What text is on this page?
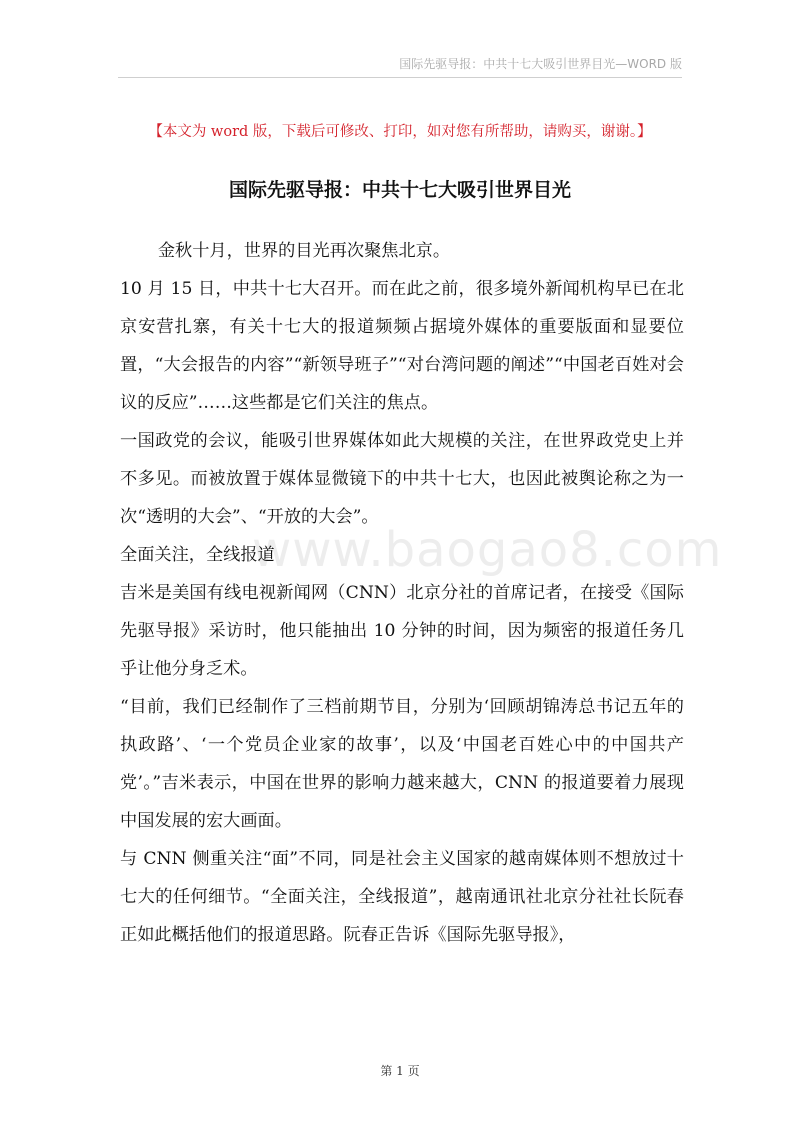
国际先驱导报：中共十七大吸引世界目光—WORD 版
【本文为 word 版，下载后可修改、打印，如对您有所帮助，请购买，谢谢。】
国际先驱导报：中共十七大吸引世界目光
www.baogao8.com

金秋十月，世界的目光再次聚焦北京。

10 月 15 日，中共十七大召开。而在此之前，很多境外新闻机构早已在北京安营扎寨，有关十七大的报道频频占据境外媒体的重要版面和显要位置，“大会报告的内容”“新领导班子”“对台湾问题的阐述”“中国老百姓对会议的反应”……这些都是它们关注的焦点。

一国政党的会议，能吸引世界媒体如此大规模的关注，在世界政党史上并不多见。而被放置于媒体显微镜下的中共十七大，也因此被舆论称之为一次“透明的大会”、“开放的大会”。

全面关注，全线报道

吉米是美国有线电视新闻网（CNN）北京分社的首席记者，在接受《国际先驱导报》采访时，他只能抽出 10 分钟的时间，因为频密的报道任务几乎让他分身乏术。

“目前，我们已经制作了三档前期节目，分别为‘回顾胡锦涛总书记五年的执政路’、‘一个党员企业家的故事’，以及‘中国老百姓心中的中国共产党’。”吉米表示，中国在世界的影响力越来越大，CNN 的报道要着力展现中国发展的宏大画面。

与 CNN 侧重关注“面”不同，同是社会主义国家的越南媒体则不想放过十七大的任何细节。“全面关注，全线报道”，越南通讯社北京分社社长阮春正如此概括他们的报道思路。阮春正告诉《国际先驱导报》，

第 1 页
